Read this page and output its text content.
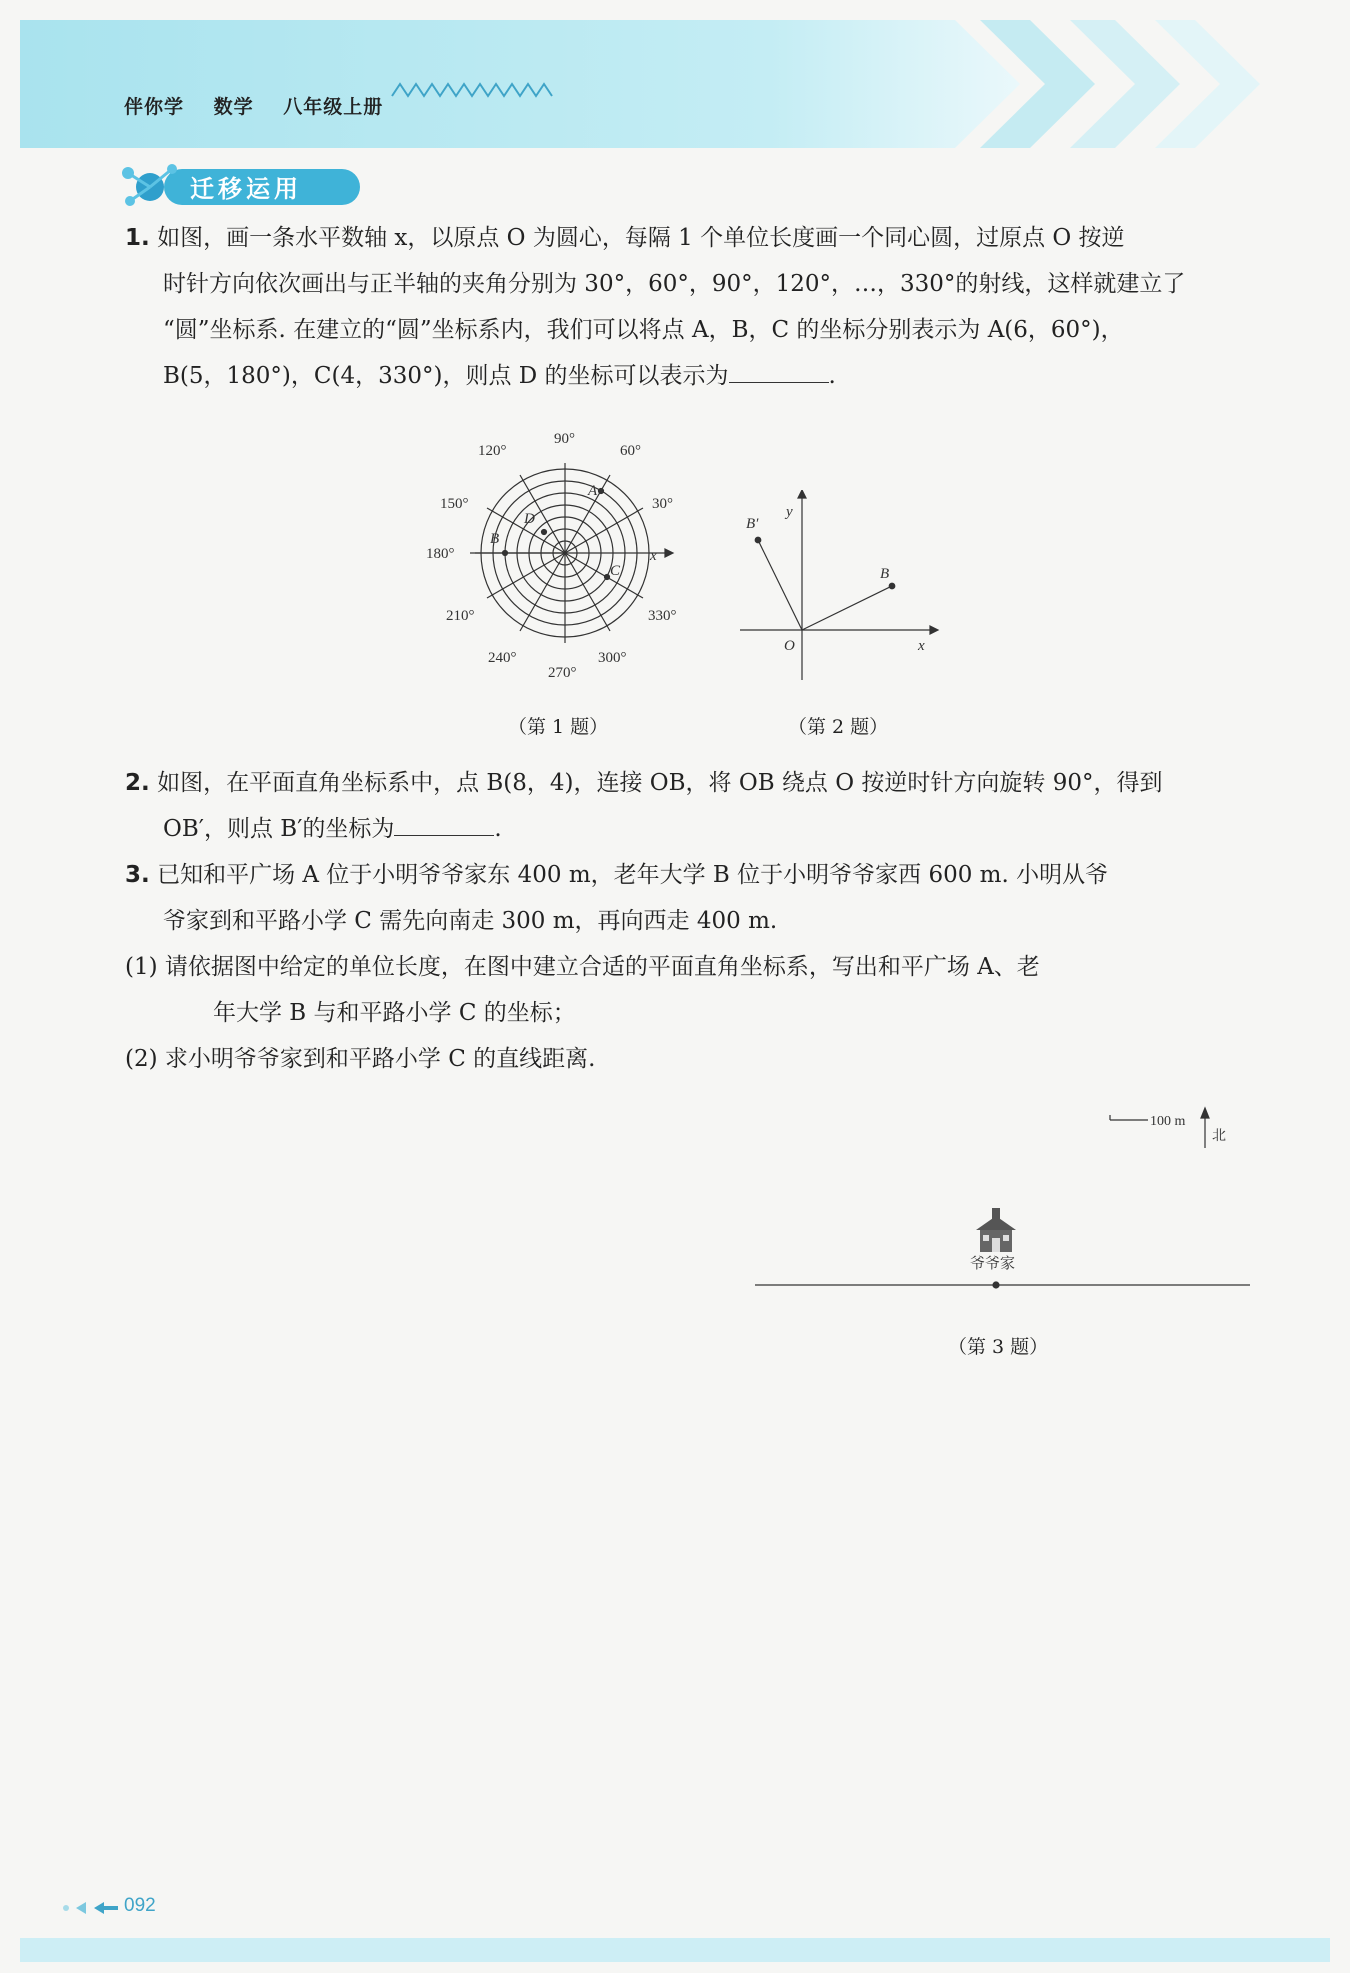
伴你学 数学 八年级上册
迁移运用

1. 如图，画一条水平数轴 x，以原点 O 为圆心，每隔 1 个单位长度画一个同心圆，过原点 O 按逆

时针方向依次画出与正半轴的夹角分别为 30°，60°，90°，120°，…，330°的射线，这样就建立了

“圆”坐标系. 在建立的“圆”坐标系内，我们可以将点 A，B，C 的坐标分别表示为 A(6，60°)，

B(5，180°)，C(4，330°)，则点 D 的坐标可以表示为	.

90°
60°
30°
120°
150°
180°
210°	330°
240°	300°
270°
x
A
B
C
D
（第 1 题）
y
x
O
B
B′
（第 2 题）

2. 如图，在平面直角坐标系中，点 B(8，4)，连接 OB，将 OB 绕点 O 按逆时针方向旋转 90°，得到

OB′，则点 B′的坐标为	.

3. 已知和平广场 A 位于小明爷爷家东 400 m，老年大学 B 位于小明爷爷家西 600 m. 小明从爷

爷家到和平路小学 C 需先向南走 300 m，再向西走 400 m.

(1) 请依据图中给定的单位长度，在图中建立合适的平面直角坐标系，写出和平广场 A、老

年大学 B 与和平路小学 C 的坐标；

(2) 求小明爷爷家到和平路小学 C 的直线距离.

100 m
北
爷爷家
（第 3 题）
092
